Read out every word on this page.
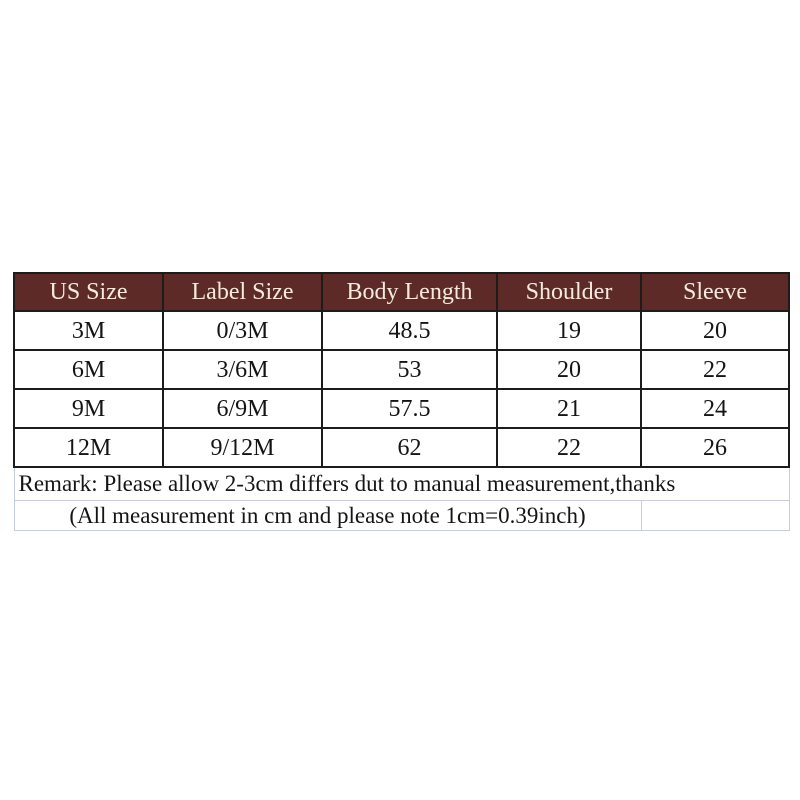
US Size	Label Size	Body Length	Shoulder	Sleeve
3M	0/3M	48.5	19	20
6M	3/6M	53	20	22
9M	6/9M	57.5	21	24
12M	9/12M	62	22	26
Remark: Please allow 2-3cm differs dut to manual measurement,thanks				
(All measurement in cm and please note 1cm=0.39inch)				
